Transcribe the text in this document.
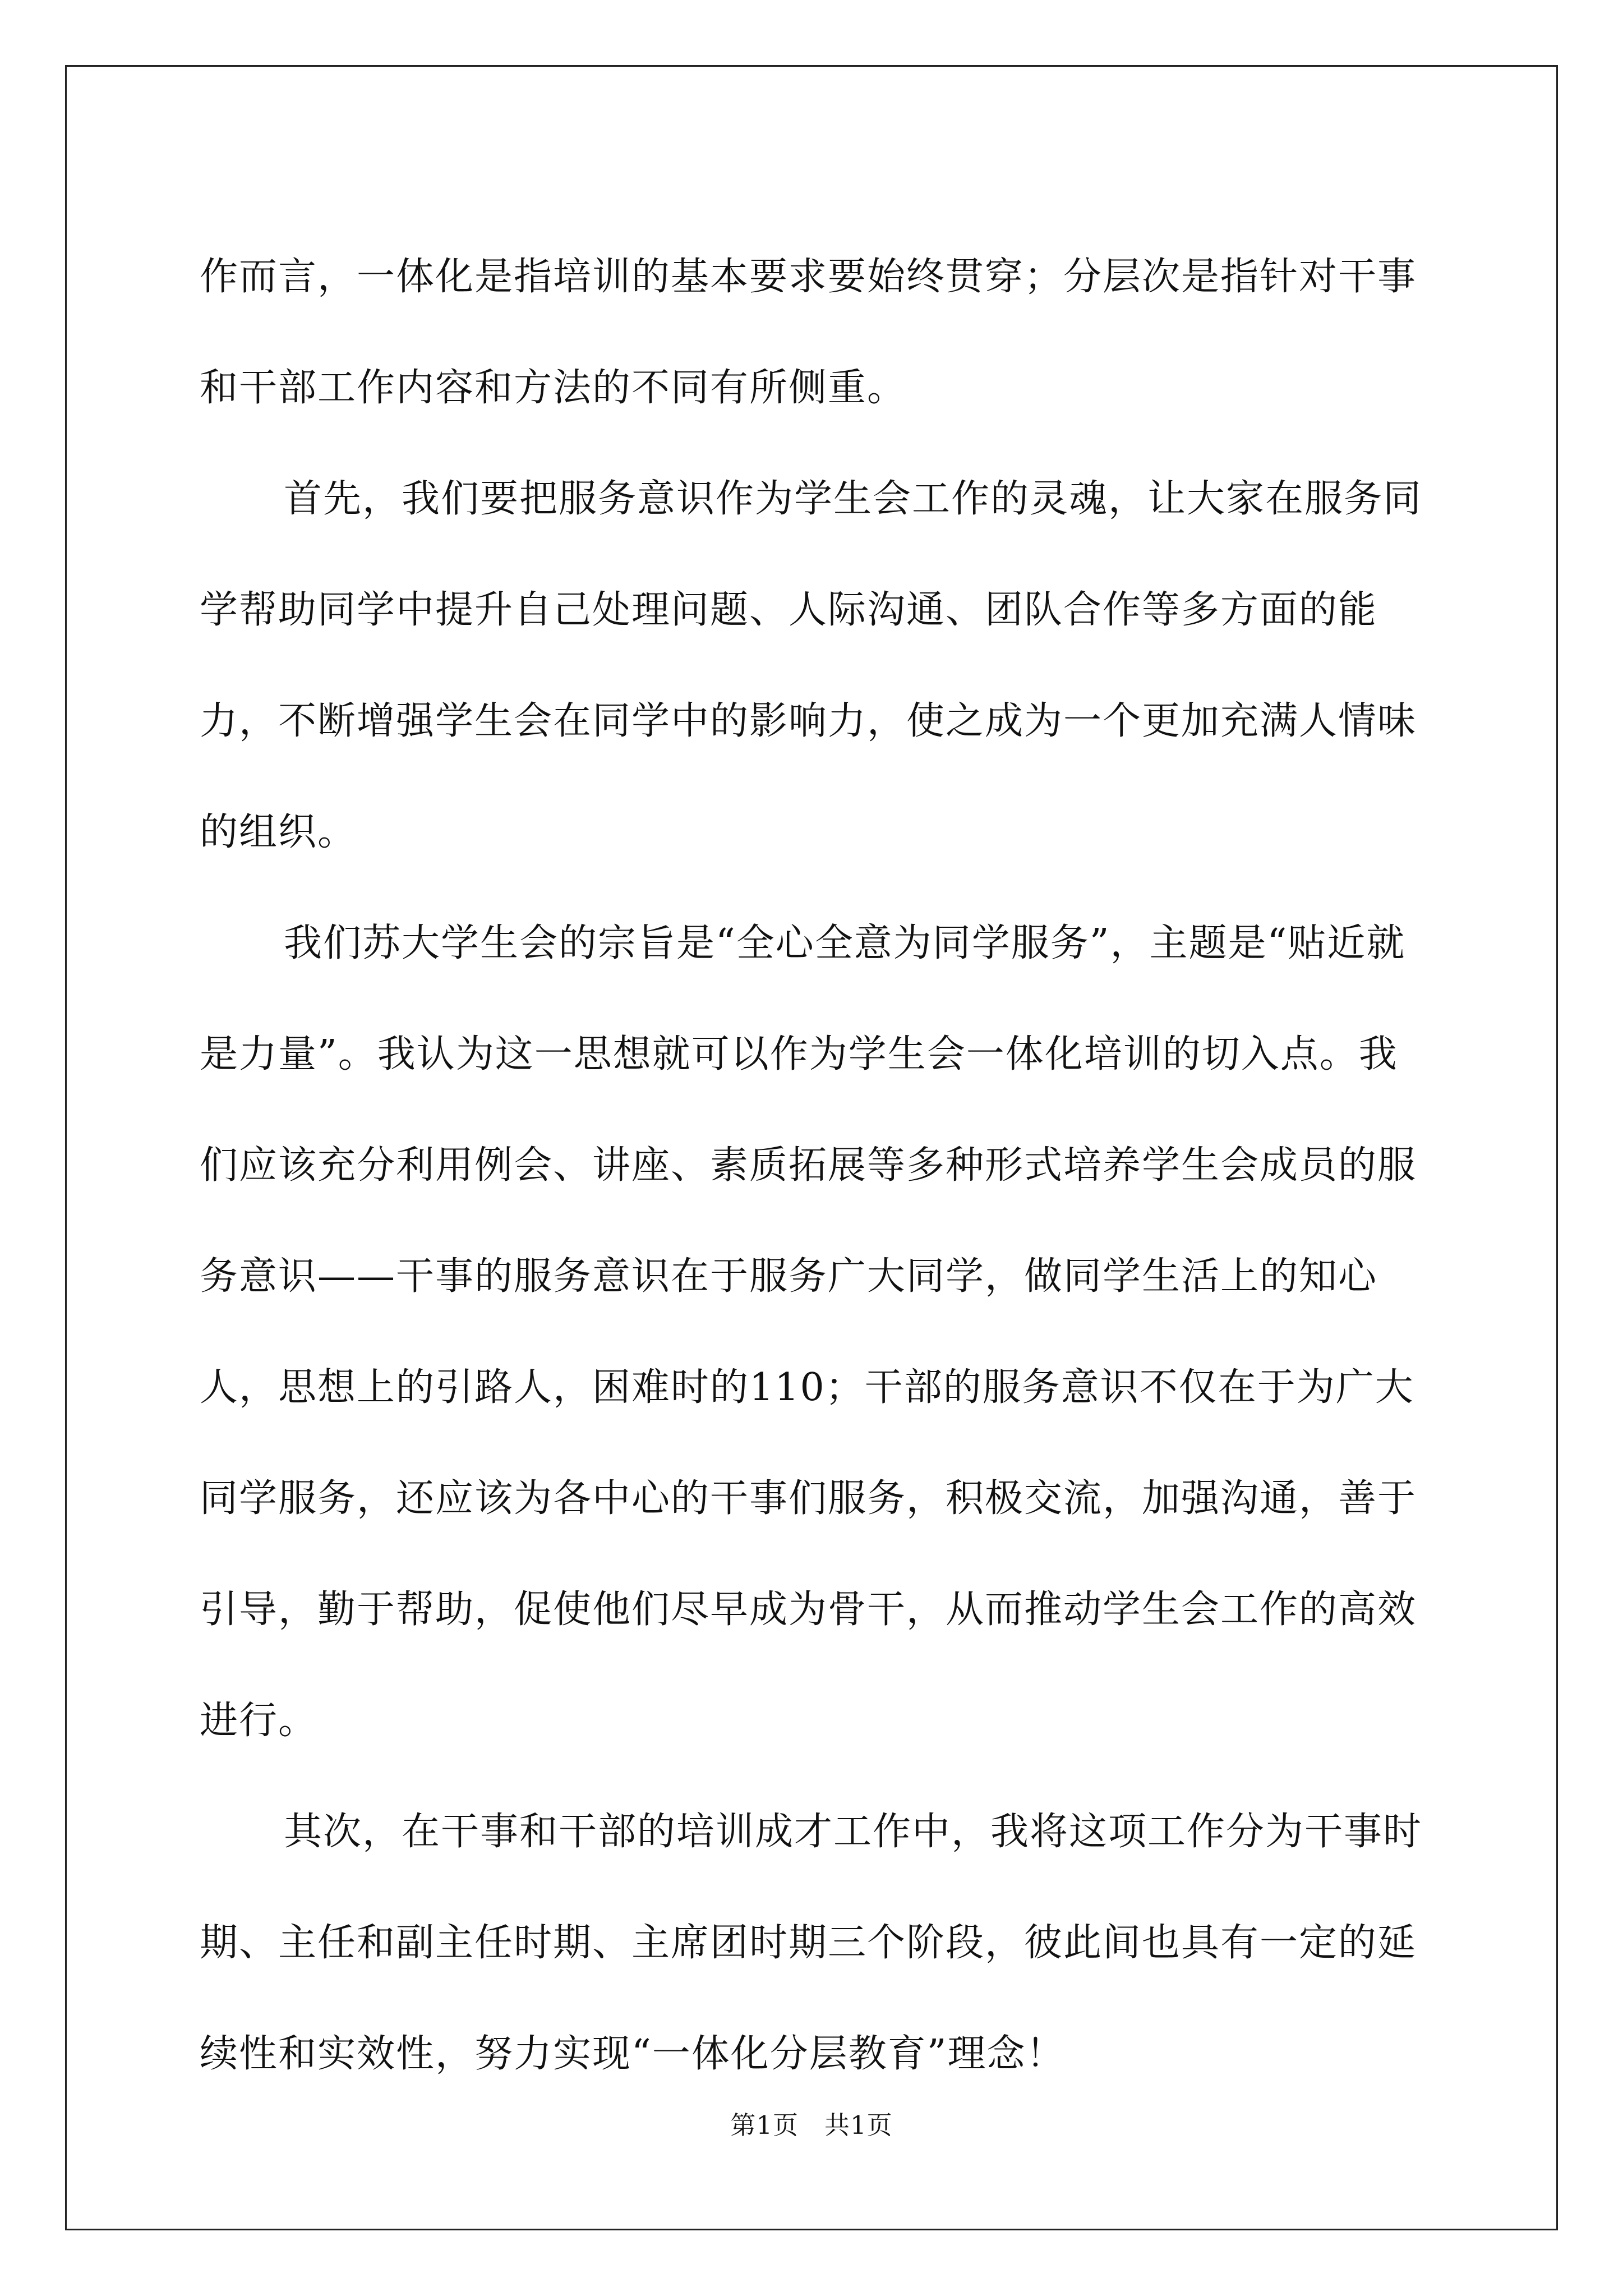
作而言，一体化是指培训的基本要求要始终贯穿；分层次是指针对干事和干部工作内容和方法的不同有所侧重。

首先，我们要把服务意识作为学生会工作的灵魂，让大家在服务同学帮助同学中提升自己处理问题、人际沟通、团队合作等多方面的能力，不断增强学生会在同学中的影响力，使之成为一个更加充满人情味的组织。

我们苏大学生会的宗旨是“全心全意为同学服务”，主题是“贴近就是力量”。我认为这一思想就可以作为学生会一体化培训的切入点。我们应该充分利用例会、讲座、素质拓展等多种形式培养学生会成员的服务意识——干事的服务意识在于服务广大同学，做同学生活上的知心人，思想上的引路人，困难时的110；干部的服务意识不仅在于为广大同学服务，还应该为各中心的干事们服务，积极交流，加强沟通，善于引导，勤于帮助，促使他们尽早成为骨干，从而推动学生会工作的高效进行。

其次，在干事和干部的培训成才工作中，我将这项工作分为干事时期、主任和副主任时期、主席团时期三个阶段，彼此间也具有一定的延续性和实效性，努力实现“一体化分层教育”理念！

第1页　共1页
